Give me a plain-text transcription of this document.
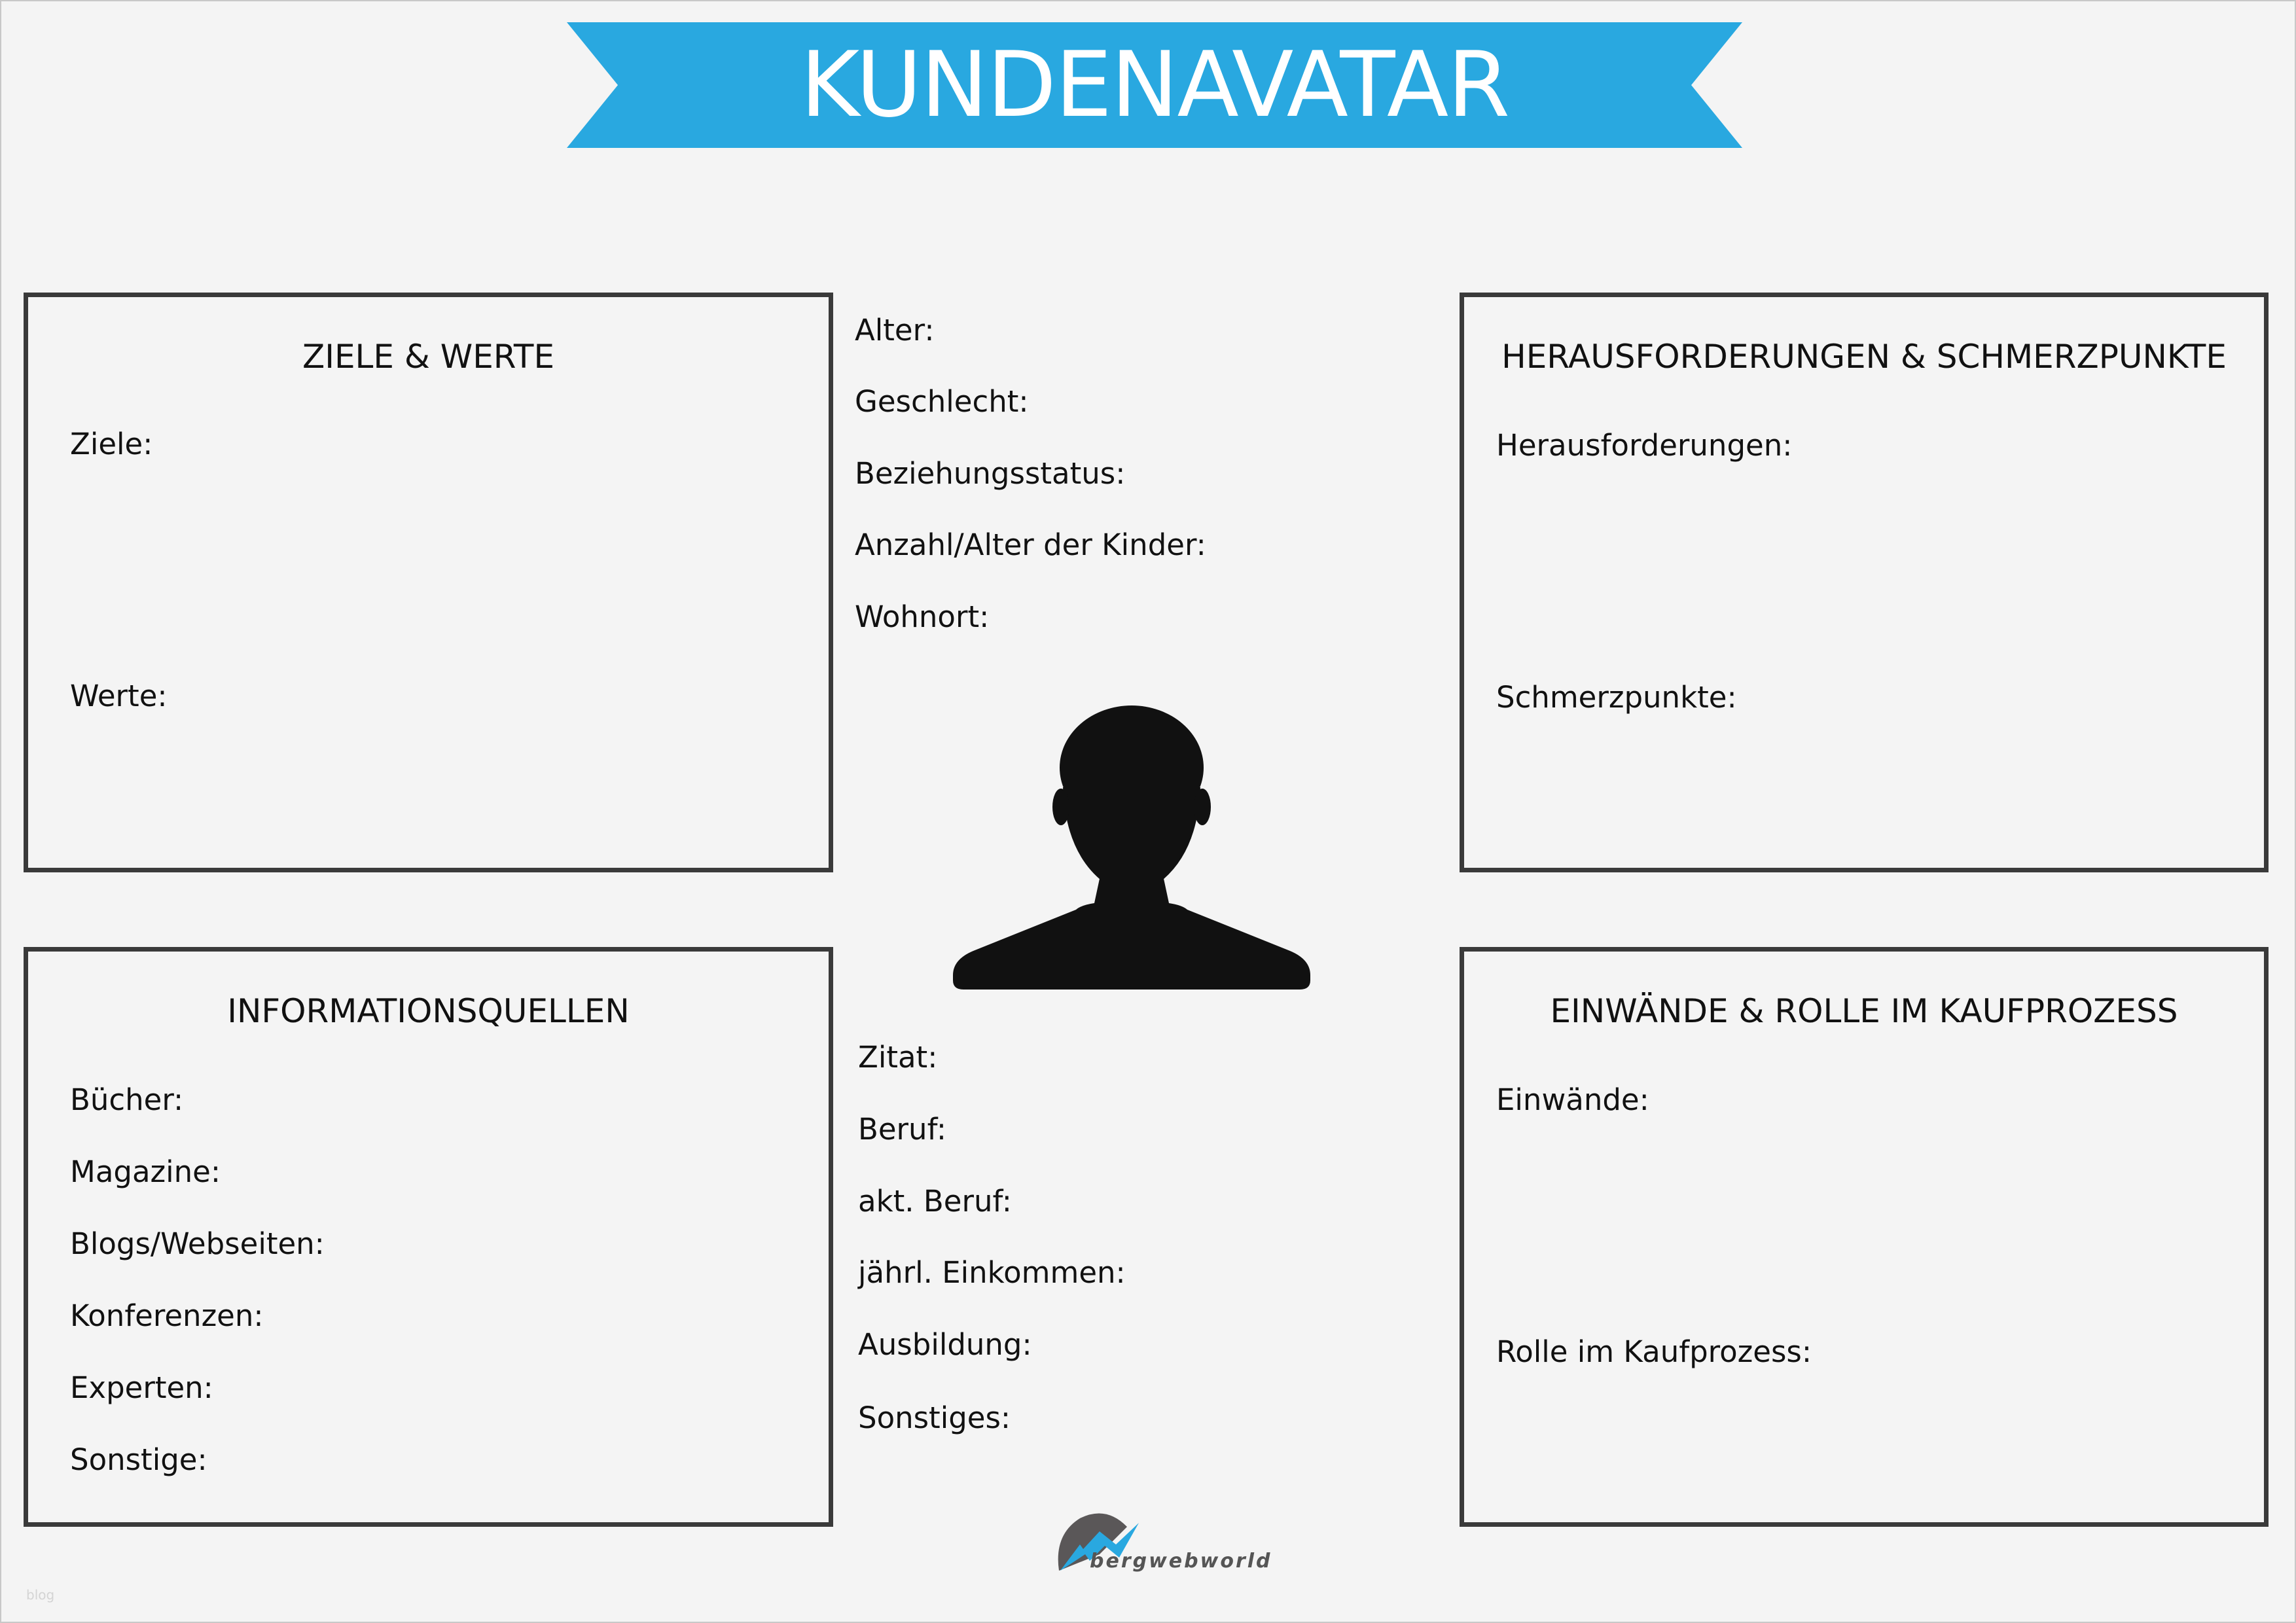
KUNDENAVATAR
ZIELE & WERTE
Ziele:
Werte:
HERAUSFORDERUNGEN & SCHMERZPUNKTE
Herausforderungen:
Schmerzpunkte:
INFORMATIONSQUELLEN
Bücher:
Magazine:
Blogs/Webseiten:
Konferenzen:
Experten:
Sonstige:
EINWÄNDE & ROLLE IM KAUFPROZESS
Einwände:
Rolle im Kaufprozess:
Alter:
Geschlecht:
Beziehungsstatus:
Anzahl/Alter der Kinder:
Wohnort:
Zitat:
Beruf:
akt. Beruf:
jährl. Einkommen:
Ausbildung:
Sonstiges:
bergwebworld
blog
